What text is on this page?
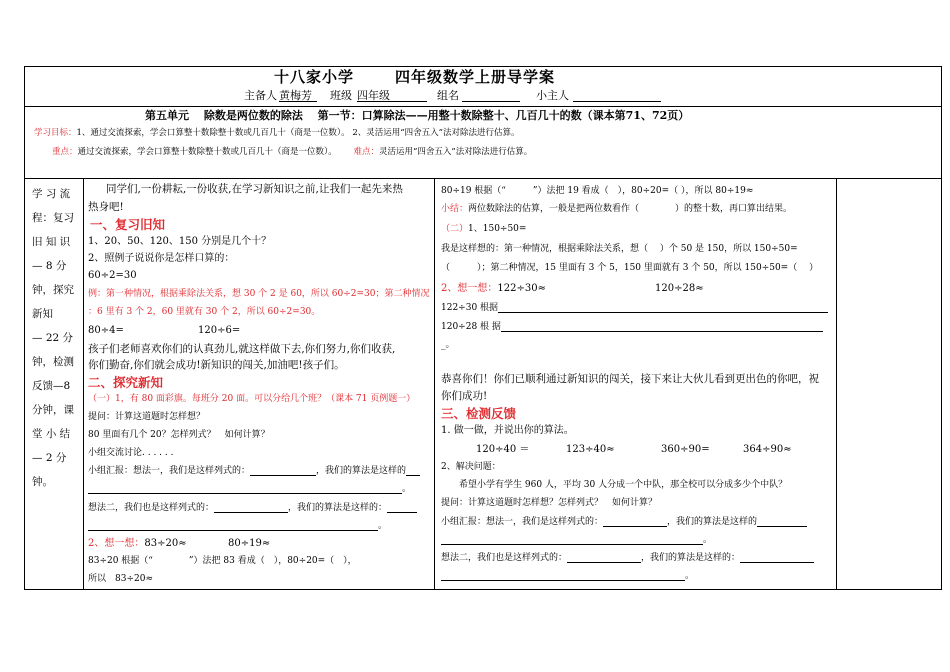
十八家小学	四年级数学上册导学案
主备人 黄梅芳	班级 四年级	组名	小主人
第五单元　 除数是两位数的除法　 第一节：口算除法——用整十数除整十、几百几十的数（课本第71、72页）
学习目标：1、通过交流探索，学会口算整十数除整十数或几百几十（商是一位数）。 2、灵活运用“四舍五入”法对除法进行估算。
重点：通过交流探索，学会口算整十数除整十数或几百几十（商是一位数）。 难点：灵活运用“四舍五入”法对除法进行估算。
学 习 流
程：复习
旧 知 识
— 8 分
钟，探究
新知
— 22 分
钟，检测
反馈—8
分钟，课
堂 小 结
— 2 分
钟。
同学们,一份耕耘,一份收获,在学习新知识之前,让我们一起先来热
热身吧!
一、复习旧知
1、20、50、120、150 分别是几个十？
2、照例子说说你是怎样口算的：
60÷2=30
例：第一种情况，根据乘除法关系，想 30 个 2 是 60，所以 60÷2=30；第二种情况
：6 里有 3 个 2，60 里就有 30 个 2，所以 60÷2=30。
80÷4=	120÷6=
孩子们老师喜欢你们的认真劲儿,就这样做下去,你们努力,你们收获,
你们勤奋,你们就会成功!新知识的闯关,加油吧!孩子们。
二、探究新知
（一）1，有 80 面彩旗。每班分 20 面。可以分给几个班？（课本 71 页例题一）
提问：计算这道题时怎样想？
80 里面有几个 20？怎样列式？　如何计算？
小组交流讨论. . . . . .
小组汇报：想法一，我们是这样列式的：	，我们的算法是这样的
。
想法二，我们也是这样列式的：	，我们的算法是这样的：
。
2、想一想：83÷20≈	80÷19≈
83÷20 根据（“	”）法把 83 看成（　），80÷20=（　），
所以　83÷20≈
80÷19 根据（“　　　”）法把 19 看成（　），80÷20=（ ），所以 80÷19≈
小结：两位数除法的估算，一般是把两位数看作（　　　　）的整十数，再口算出结果。
（二）1、150÷50=
我是这样想的：第一种情况，根据乘除法关系，想（　 ）个 50 是 150，所以 150÷50=
（　　　）；第二种情况，15 里面有 3 个 5，150 里面就有 3 个 50，所以 150÷50=（　 ）
2、想一想：122÷30≈	120÷28≈
122÷30 根据
120÷28 根 据
_。
恭喜你们！你们已顺利通过新知识的闯关，接下来让大伙儿看到更出色的你吧，祝
你们成功!
三、检测反馈
1. 做一做，并说出你的算法。
120÷40 ＝	123÷40≈	360÷90=	364÷90≈
2、解决问题：
希望小学有学生 960 人，平均 30 人分成一个中队，那全校可以分成多少个中队？
提问：计算这道题时怎样想？怎样列式？　如何计算？
小组汇报：想法一，我们是这样列式的：	，我们的算法是这样的
。
想法二，我们也是这样列式的：	，我们的算法是这样的：
。
